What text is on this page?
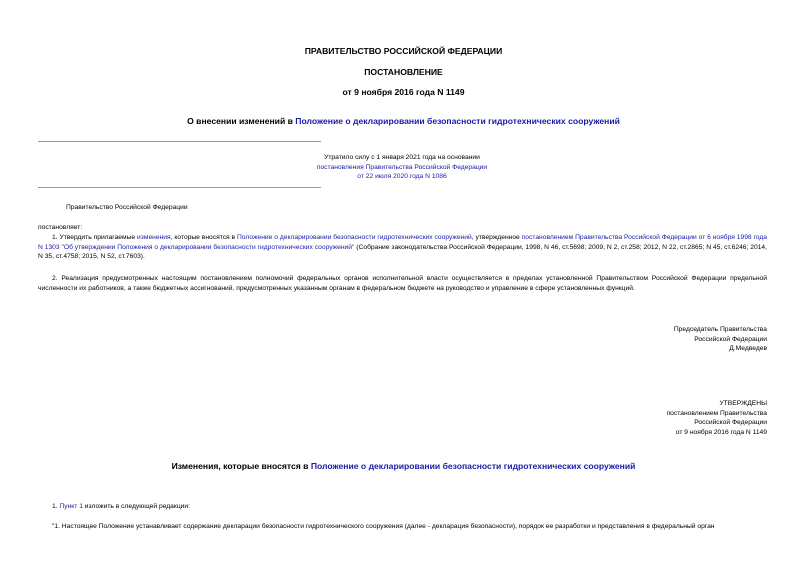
ПРАВИТЕЛЬСТВО РОССИЙСКОЙ ФЕДЕРАЦИИ
ПОСТАНОВЛЕНИЕ
от 9 ноября 2016 года N 1149
О внесении изменений в Положение о декларировании безопасности гидротехнических сооружений

Утратило силу с 1 января 2021 года на основании

постановления Правительства Российской Федерации

от 22 июля 2020 года N 1086

Правительство Российской Федерации
постановляет:
1. Утвердить прилагаемые изменения, которые вносятся в Положение о декларировании безопасности гидротехнических сооружений, утвержденное постановлением Правительства Российской Федерации от 6 ноября 1998 года N 1303 "Об утверждении Положения о декларировании безопасности гидротехнических сооружений" (Собрание законодательства Российской Федерации, 1998, N 46, ст.5698; 2009, N 2, ст.258; 2012, N 22, ст.2865; N 45, ст.6246; 2014, N 35, ст.4758; 2015, N 52, ст.7603).
2. Реализация предусмотренных настоящим постановлением полномочий федеральных органов исполнительной власти осуществляется в пределах установленной Правительством Российской Федерации предельной численности их работников, а также бюджетных ассигнований, предусмотренных указанным органам в федеральном бюджете на руководство и управление в сфере установленных функций.

Председатель Правительства

Российской Федерации

Д.Медведев

УТВЕРЖДЕНЫ

постановлением Правительства

Российской Федерации

от 9 ноября 2016 года N 1149

Изменения, которые вносятся в Положение о декларировании безопасности гидротехнических сооружений
1. Пункт 1 изложить в следующей редакции:
"1. Настоящее Положение устанавливает содержание декларации безопасности гидротехнического сооружения (далее - декларация безопасности), порядок ее разработки и представления в федеральный орган
